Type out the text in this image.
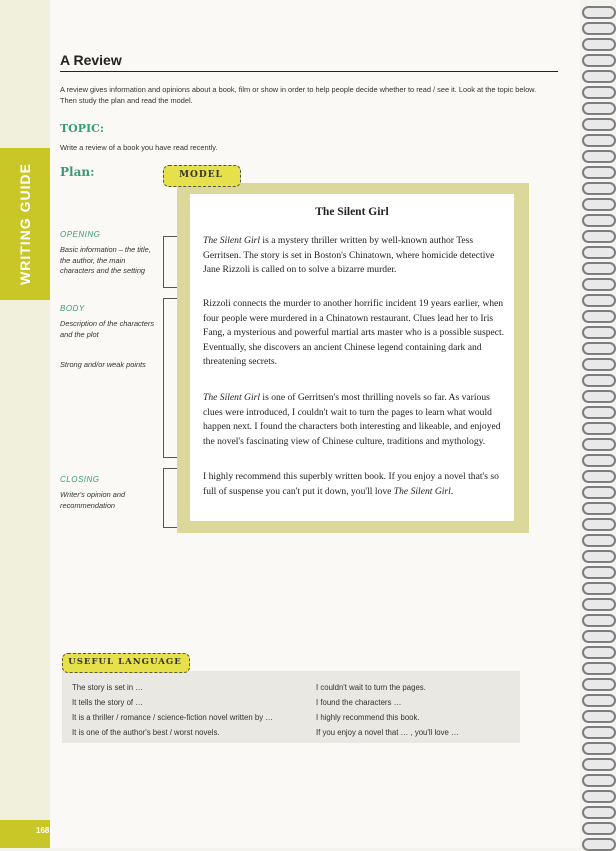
WRITING GUIDE
168
A Review
A review gives information and opinions about a book, film or show in order to help people decide whether to read / see it. Look at the topic below. Then study the plan and read the model.
TOPIC:
Write a review of a book you have read recently.
Plan:
OPENING
Basic information – the title, the author, the main characters and the setting
BODY
Description of the characters and the plot
Strong and/or weak points
CLOSING
Writer's opinion and recommendation
MODEL
The Silent Girl
The Silent Girl is a mystery thriller written by well-known author Tess Gerritsen. The story is set in Boston's Chinatown, where homicide detective Jane Rizzoli is called on to solve a bizarre murder.
Rizzoli connects the murder to another horrific incident 19 years earlier, when four people were murdered in a Chinatown restaurant. Clues lead her to Iris Fang, a mysterious and powerful martial arts master who is a possible suspect. Eventually, she discovers an ancient Chinese legend containing dark and threatening secrets.
The Silent Girl is one of Gerritsen's most thrilling novels so far. As various clues were introduced, I couldn't wait to turn the pages to learn what would happen next. I found the characters both interesting and likeable, and enjoyed the novel's fascinating view of Chinese culture, traditions and mythology.
I highly recommend this superbly written book. If you enjoy a novel that's so full of suspense you can't put it down, you'll love The Silent Girl.
USEFUL LANGUAGE
The story is set in …
It tells the story of …
It is a thriller / romance / science-fiction novel written by …
It is one of the author's best / worst novels.
I couldn't wait to turn the pages.
I found the characters …
I highly recommend this book.
If you enjoy a novel that … , you'll love …
